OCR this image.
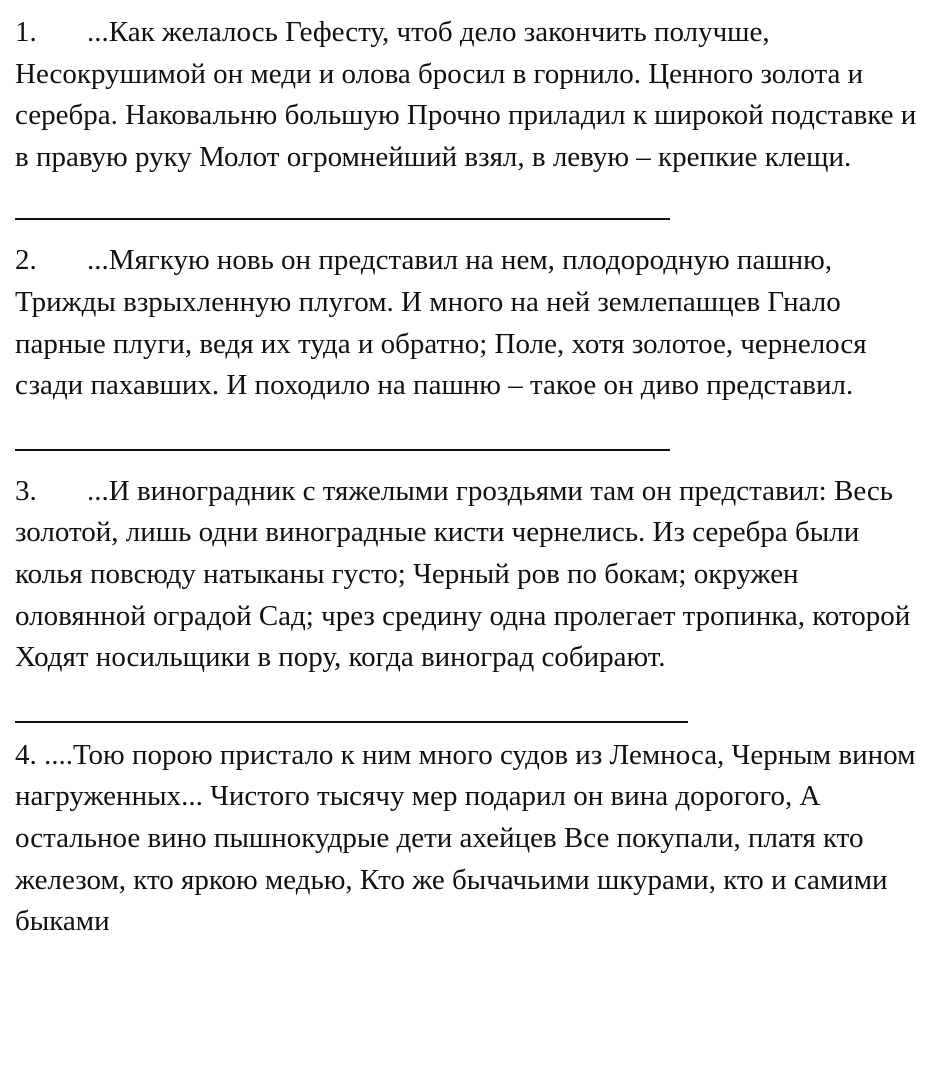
1. ...Как желалось Гефесту, чтоб дело закончить получше, Несокрушимой он меди и олова бросил в горнило. Ценного золота и серебра. Наковальню большую Прочно приладил к широкой подставке и в правую руку Молот огромнейший взял, в левую – крепкие клещи.

2. ...Мягкую новь он представил на нем, плодородную пашню, Трижды взрыхленную плугом. И много на ней землепашцев Гнало парные плуги, ведя их туда и обратно; Поле, хотя золотое, чернелося сзади пахавших. И походило на пашню – такое он диво представил.

3. ...И виноградник с тяжелыми гроздьями там он представил: Весь золотой, лишь одни виноградные кисти чернелись. Из серебра были колья повсюду натыканы густо; Черный ров по бокам; окружен оловянной оградой Сад; чрез средину одна пролегает тропинка, которой Ходят носильщики в пору, когда виноград собирают.

4. ....Тою порою пристало к ним много судов из Лемноса, Черным вином нагруженных... Чистого тысячу мер подарил он вина дорогого, А остальное вино пышнокудрые дети ахейцев Все покупали, платя кто железом, кто яркою медью, Кто же бычачьими шкурами, кто и самими быками
